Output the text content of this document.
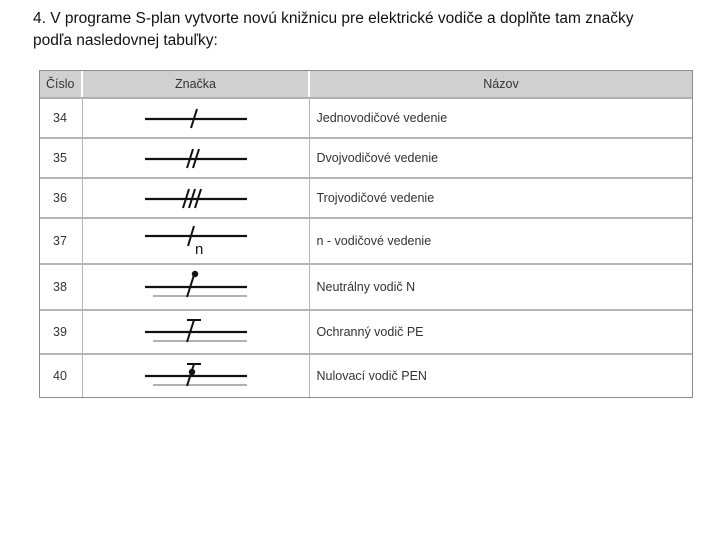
4. V programe S-plan vytvorte novú knižnicu pre elektrické vodiče a doplňte tam značky
podľa nasledovnej tabuľky:
Číslo	Značka	Názov
34		Jednovodičové vedenie
35		Dvojvodičové vedenie
36		Trojvodičové vedenie
37	n	n - vodičové vedenie
38		Neutrálny vodič N
39		Ochranný vodič PE
40		Nulovací vodič PEN
